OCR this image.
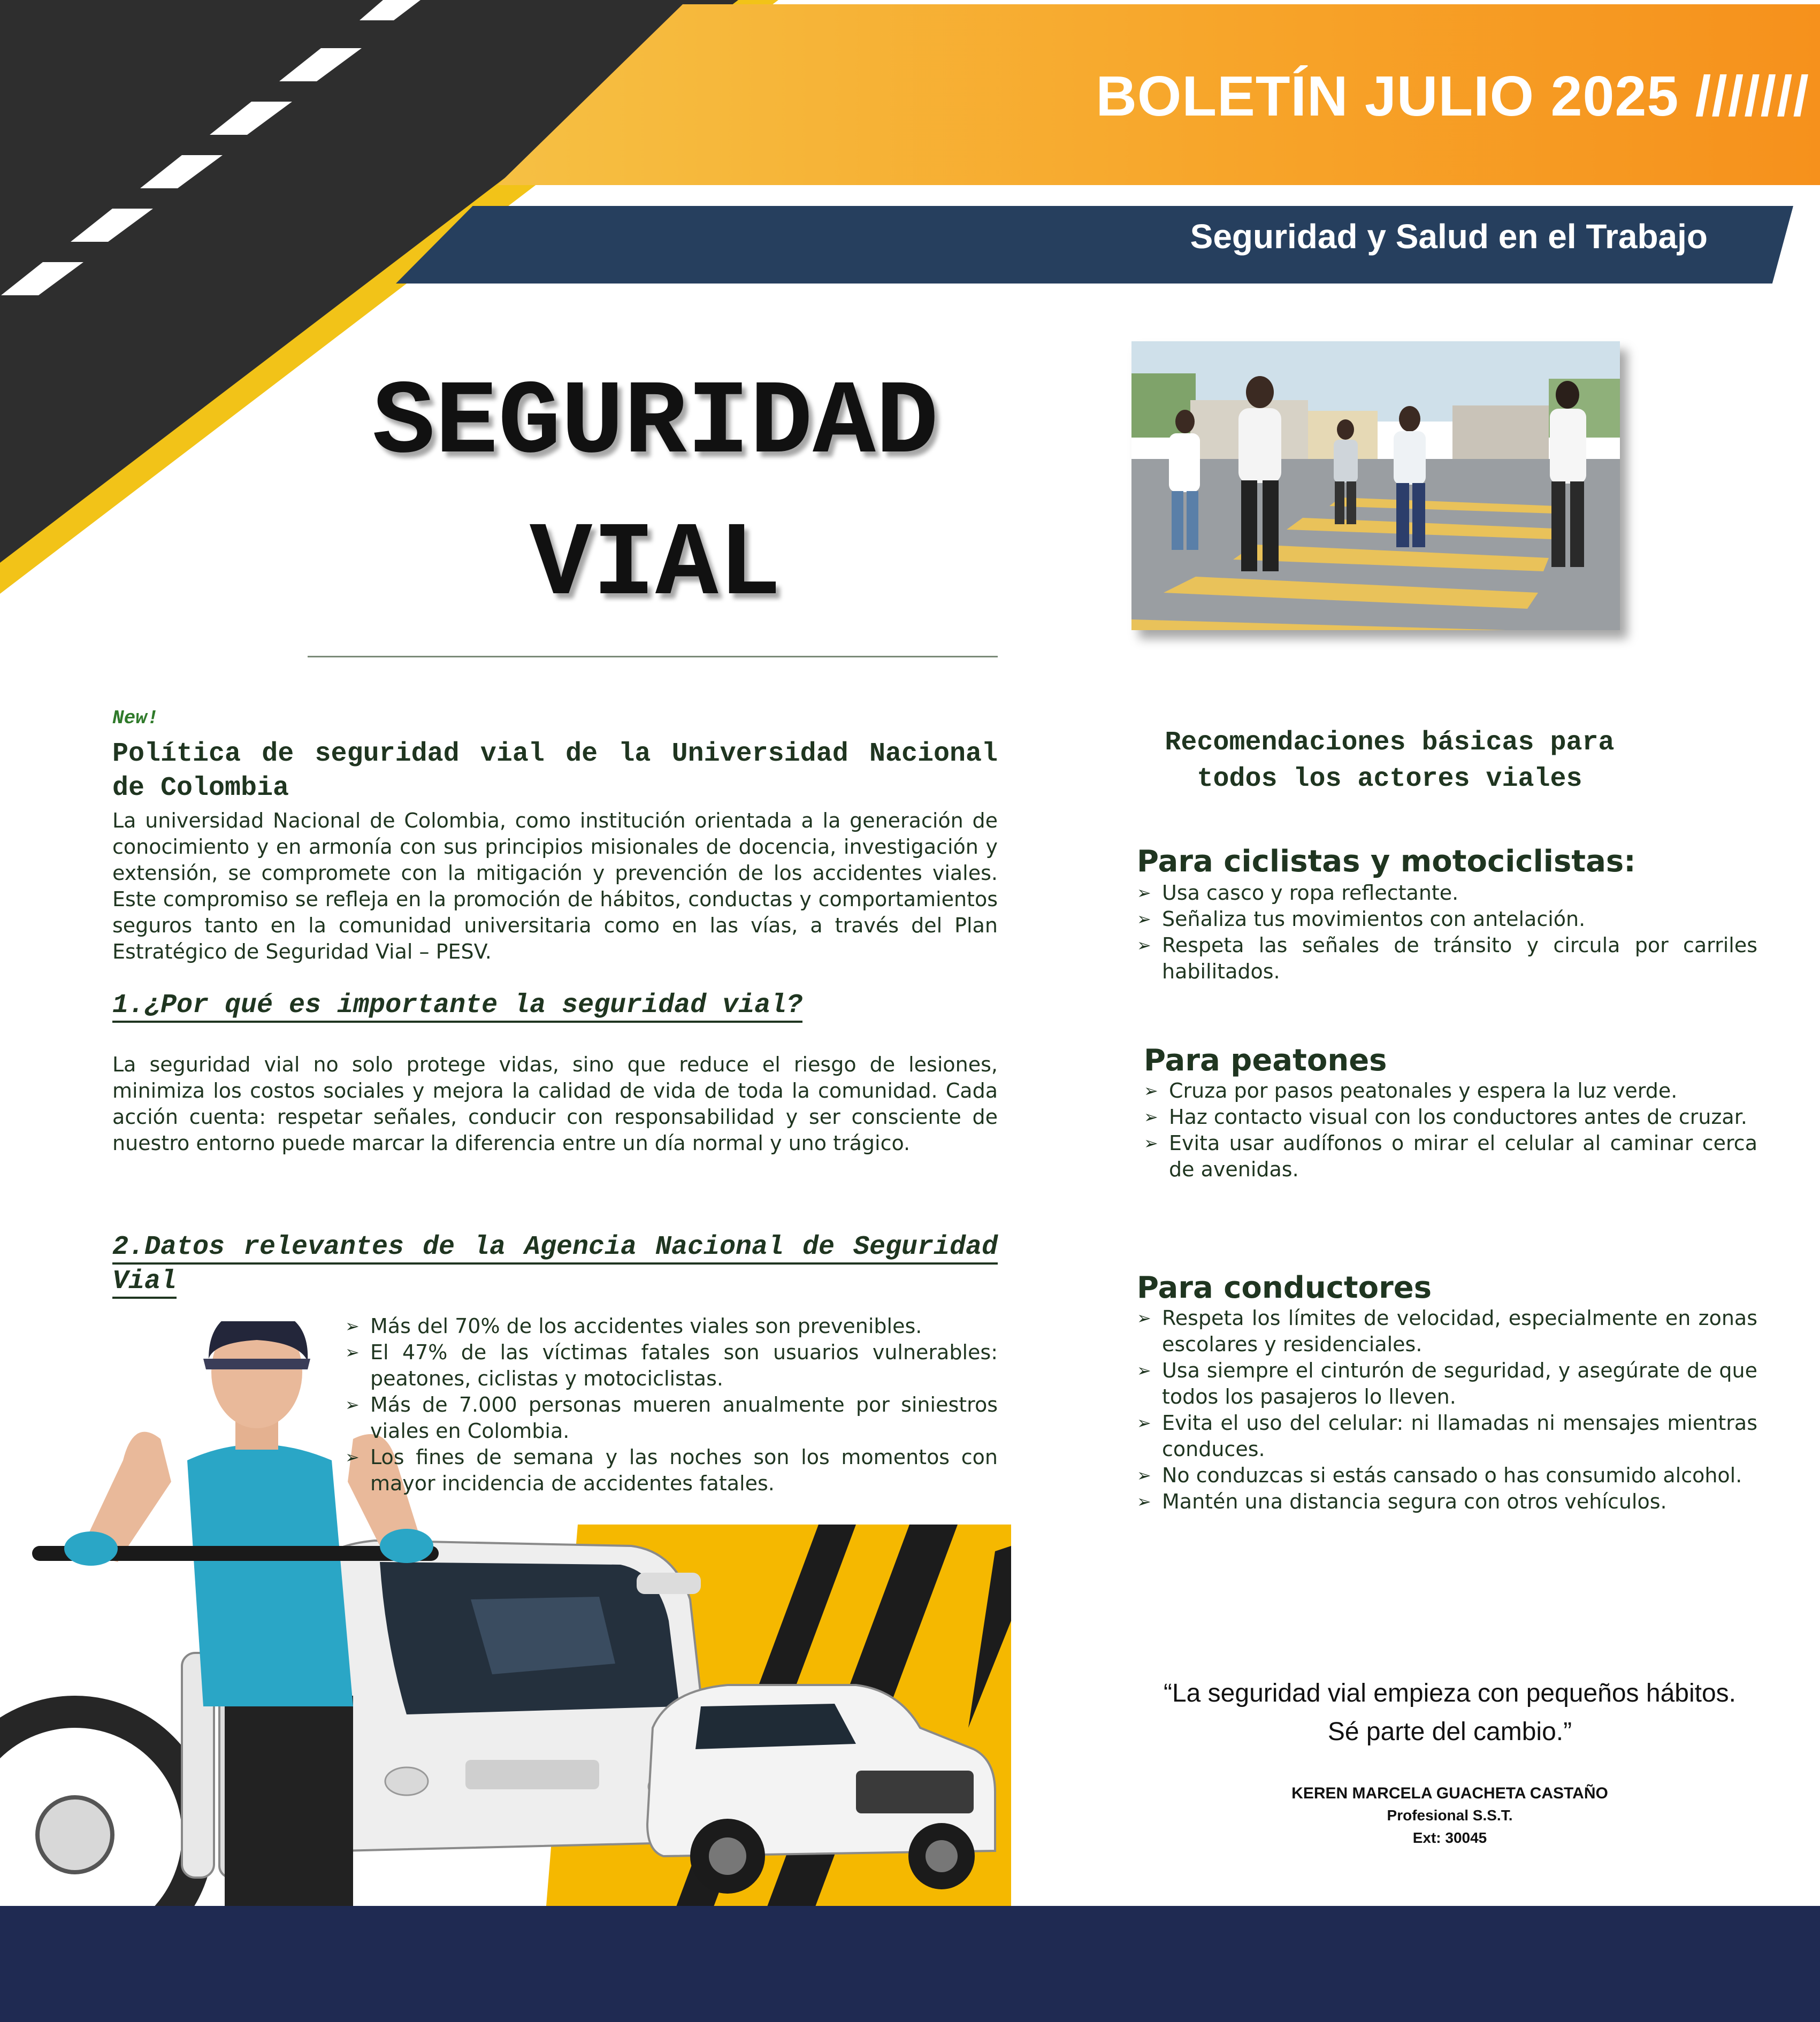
BOLETÍN JULIO 2025 ///////
Seguridad y Salud en el Trabajo
SEGURIDAD
VIAL
New!
Política de seguridad vial de la Universidad Nacional de Colombia

La universidad Nacional de Colombia, como institución orientada a la generación de conocimiento y en armonía con sus principios misionales de docencia, investigación y extensión, se compromete con la mitigación y prevención de los accidentes viales. Este compromiso se refleja en la promoción de hábitos, conductas y comportamientos seguros tanto en la comunidad universitaria como en las vías, a través del Plan Estratégico de Seguridad Vial – PESV.

1.¿Por qué es importante la seguridad vial?

La seguridad vial no solo protege vidas, sino que reduce el riesgo de lesiones, minimiza los costos sociales y mejora la calidad de vida de toda la comunidad. Cada acción cuenta: respetar señales, conducir con responsabilidad y ser consciente de nuestro entorno puede marcar la diferencia entre un día normal y uno trágico.

2.Datos relevantes de la Agencia Nacional de Seguridad Vial
➢ Más del 70% de los accidentes viales son prevenibles.
➢ El 47% de las víctimas fatales son usuarios vulnerables: peatones, ciclistas y motociclistas.
➢ Más de 7.000 personas mueren anualmente por siniestros viales en Colombia.
➢ Los fines de semana y las noches son los momentos con mayor incidencia de accidentes fatales.
Recomendaciones básicas para todos los actores viales
Para ciclistas y motociclistas:
➢ Usa casco y ropa reflectante.
➢ Señaliza tus movimientos con antelación.
➢ Respeta las señales de tránsito y circula por carriles habilitados.
Para peatones
➢ Cruza por pasos peatonales y espera la luz verde.
➢ Haz contacto visual con los conductores antes de cruzar.
➢ Evita usar audífonos o mirar el celular al caminar cerca de avenidas.
Para conductores
➢ Respeta los límites de velocidad, especialmente en zonas escolares y residenciales.
➢ Usa siempre el cinturón de seguridad, y asegúrate de que todos los pasajeros lo lleven.
➢ Evita el uso del celular: ni llamadas ni mensajes mientras conduces.
➢ No conduzcas si estás cansado o has consumido alcohol.
➢ Mantén una distancia segura con otros vehículos.

“La seguridad vial empieza con pequeños hábitos.
Sé parte del cambio.”

KEREN MARCELA GUACHETA CASTAÑO

Profesional S.S.T.

Ext: 30045
